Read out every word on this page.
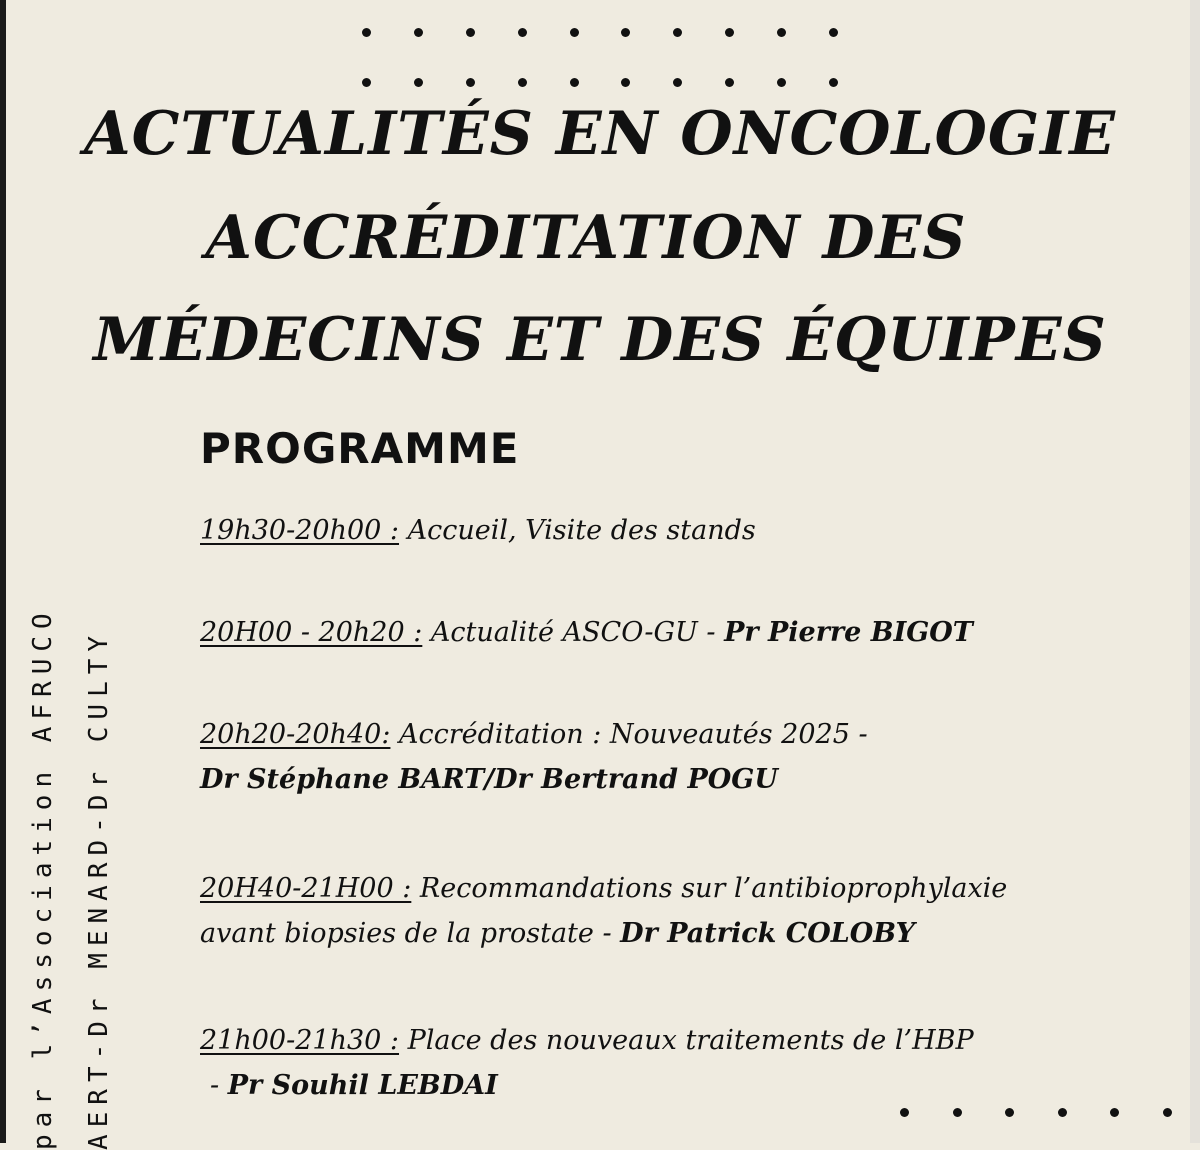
ACTUALITÉS EN ONCOLOGIE
ACCRÉDITATION DES
MÉDECINS ET DES ÉQUIPES
PROGRAMME

19h30-20h00 : Accueil, Visite des stands

20H00 - 20h20 : Actualité ASCO-GU - Pr Pierre BIGOT

20h20-20h40: Accréditation : Nouveautés 2025 -
Dr Stéphane BART/Dr Bertrand POGU

20H40-21H00 : Recommandations sur l’antibioprophylaxie
avant biopsies de la prostate - Dr Patrick COLOBY

21h00-21h30 : Place des nouveaux traitements de l’HBP
- Pr Souhil LEBDAI

par l’Association AFRUCO AERT-Dr MENARD-Dr CULTY
